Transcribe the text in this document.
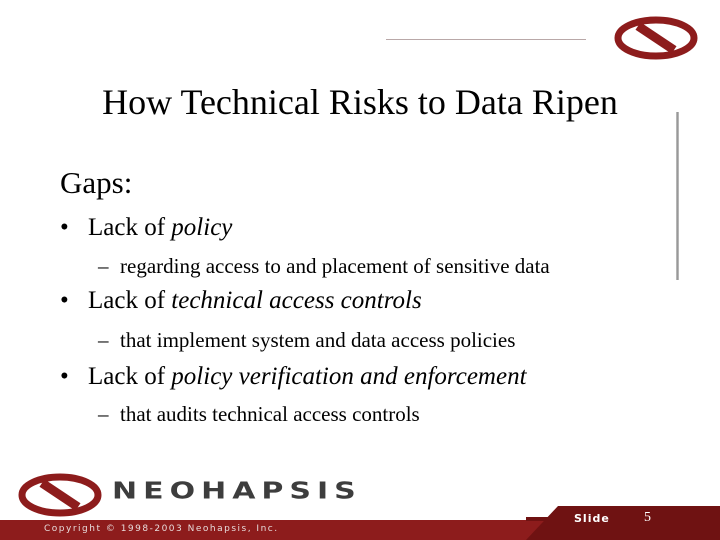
How Technical Risks to Data Ripen
Gaps:
• Lack of policy
– regarding access to and placement of sensitive data
• Lack of technical access controls
– that implement system and data access policies
• Lack of policy verification and enforcement
– that audits technical access controls
NEOHAPSIS
Copyright © 1998-2003 Neohapsis, Inc.
Slide 5
